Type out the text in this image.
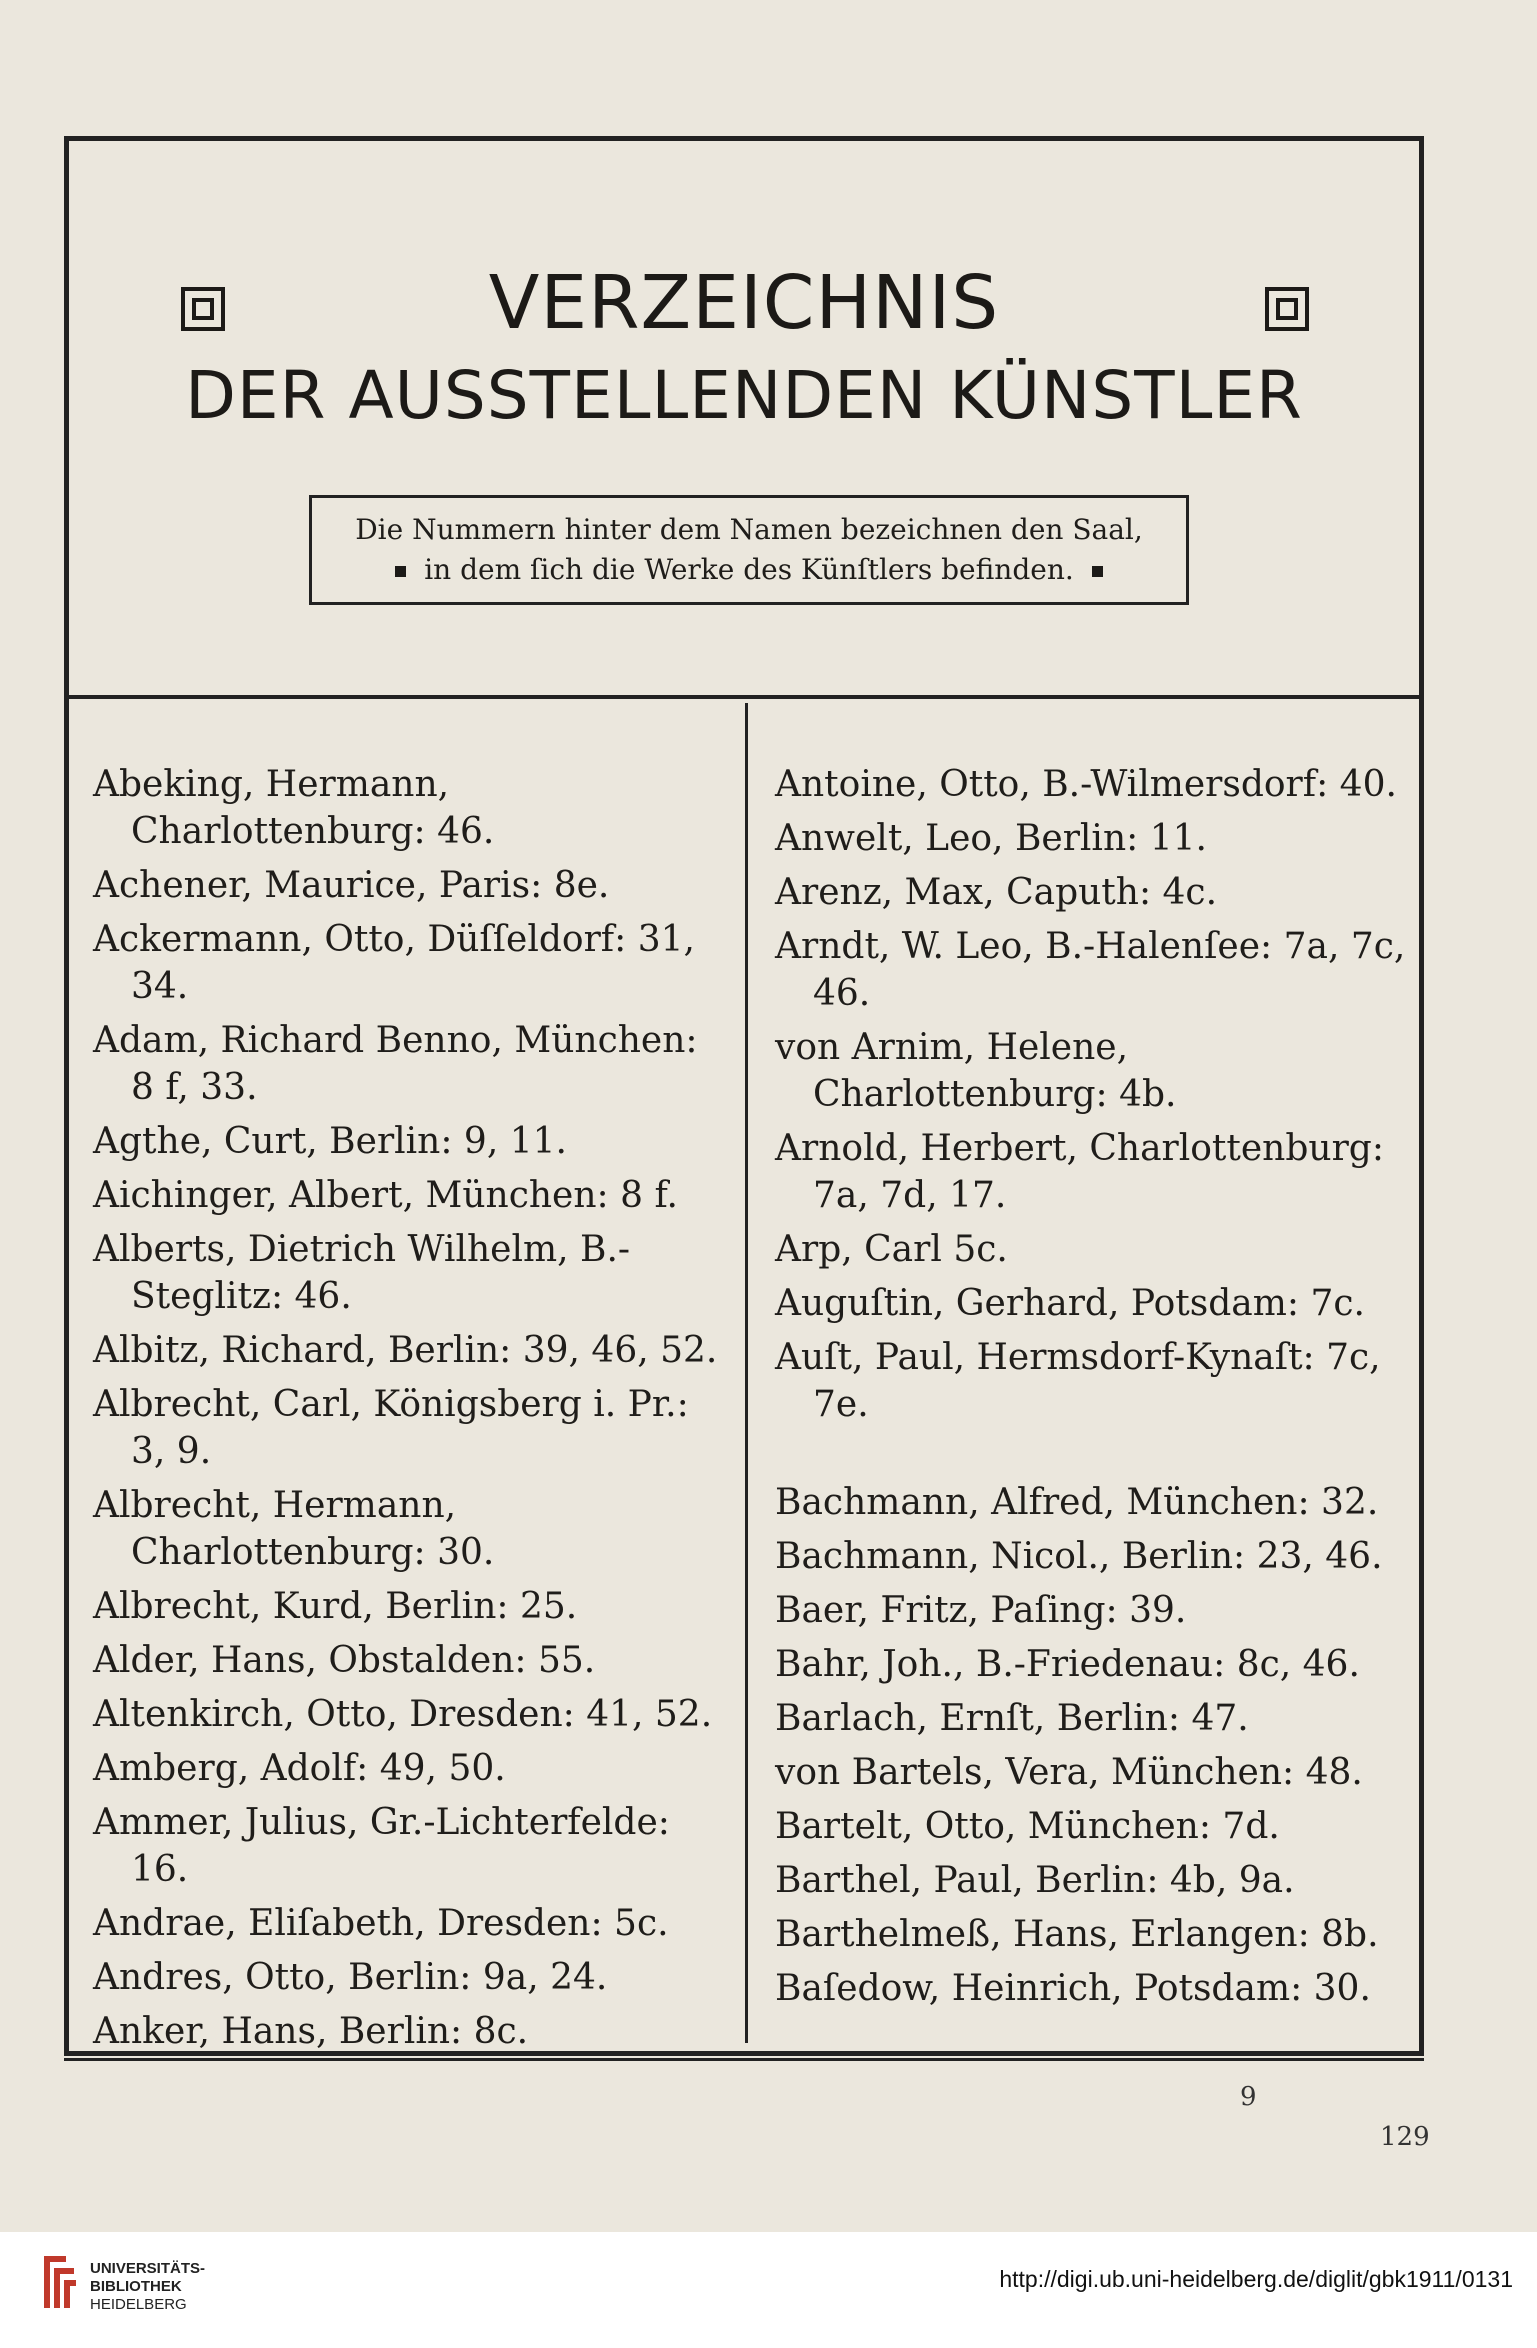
VERZEICHNIS
DER AUSSTELLENDEN KÜNSTLER
Die Nummern hinter dem Namen bezeichnen den Saal,
in dem ſich die Werke des Künſtlers befinden.
Abeking, Hermann, Charlottenburg: 46.
Achener, Maurice, Paris: 8e.
Ackermann, Otto, Düſſeldorf: 31, 34.
Adam, Richard Benno, München: 8 f, 33.
Agthe, Curt, Berlin: 9, 11.
Aichinger, Albert, München: 8 f.
Alberts, Dietrich Wilhelm, B.-Steglitz: 46.
Albitz, Richard, Berlin: 39, 46, 52.
Albrecht, Carl, Königsberg i. Pr.: 3, 9.
Albrecht, Hermann, Charlottenburg: 30.
Albrecht, Kurd, Berlin: 25.
Alder, Hans, Obstalden: 55.
Altenkirch, Otto, Dresden: 41, 52.
Amberg, Adolf: 49, 50.
Ammer, Julius, Gr.-Lichterfelde: 16.
Andrae, Eliſabeth, Dresden: 5c.
Andres, Otto, Berlin: 9a, 24.
Anker, Hans, Berlin: 8c.
Antoine, Otto, B.-Wilmersdorf: 40.
Anwelt, Leo, Berlin: 11.
Arenz, Max, Caputh: 4c.
Arndt, W. Leo, B.-Halenſee: 7a, 7c, 46.
von Arnim, Helene, Charlottenburg: 4b.
Arnold, Herbert, Charlottenburg: 7a, 7d, 17.
Arp, Carl 5c.
Auguſtin, Gerhard, Potsdam: 7c.
Auſt, Paul, Hermsdorf-Kynaſt: 7c, 7e.
Bachmann, Alfred, München: 32.
Bachmann, Nicol., Berlin: 23, 46.
Baer, Fritz, Paſing: 39.
Bahr, Joh., B.-Friedenau: 8c, 46.
Barlach, Ernſt, Berlin: 47.
von Bartels, Vera, München: 48.
Bartelt, Otto, München: 7d.
Barthel, Paul, Berlin: 4b, 9a.
Barthelmeß, Hans, Erlangen: 8b.
Baſedow, Heinrich, Potsdam: 30.
9
129
UNIVERSITÄTS-
BIBLIOTHEK
HEIDELBERG
http://digi.ub.uni-heidelberg.de/diglit/gbk1911/0131
